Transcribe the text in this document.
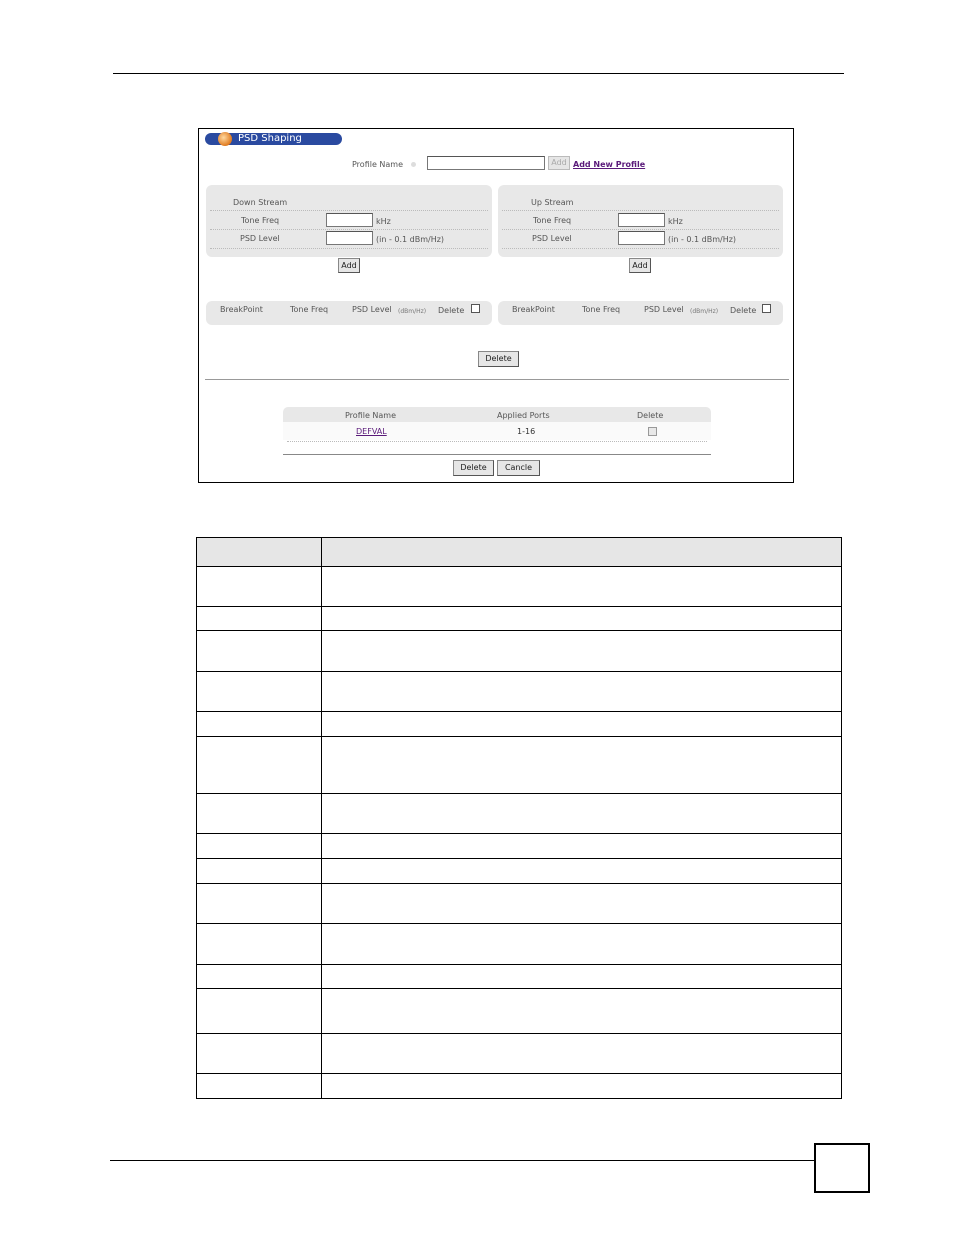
PSD Shaping
Profile Name	Add Add New Profile
Down Stream
Tone Freq	kHz
PSD Level	(in - 0.1 dBm/Hz)
Add
Up Stream
Tone Freq	kHz
PSD Level	(in - 0.1 dBm/Hz)
Add
BreakPoint	Tone Freq	PSD Level (dBm/Hz) Delete	BreakPoint	Tone Freq	PSD Level (dBm/Hz) Delete
Delete
Profile Name	Applied Ports	Delete
DEFVAL	1-16
Delete	Cancle
